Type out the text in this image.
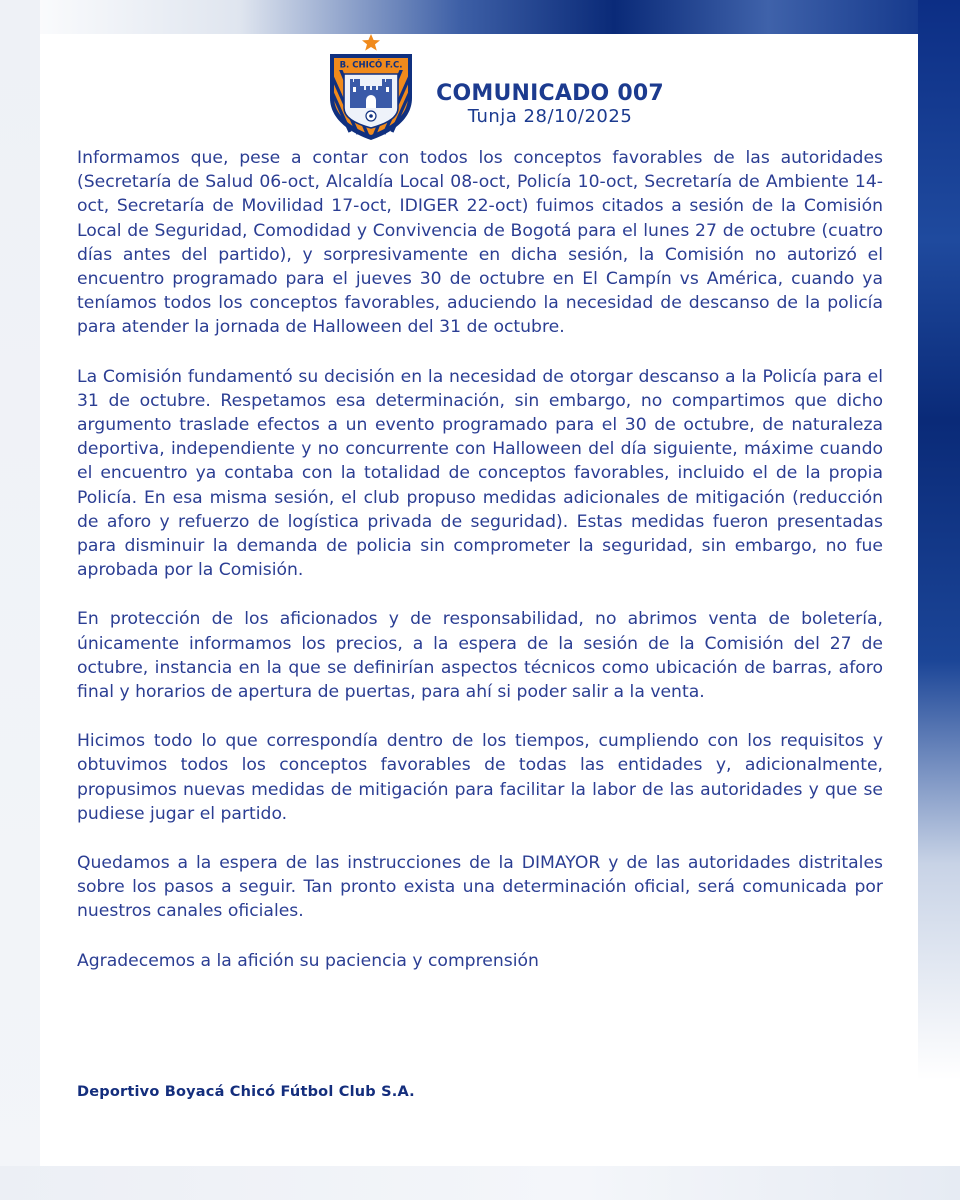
B. CHICÓ F.C.
COMUNICADO 007
Tunja 28/10/2025

Informamos que, pese a contar con todos los conceptos favorables de las autoridades (Secretaría de Salud 06-oct, Alcaldía Local 08-oct, Policía 10-oct, Secretaría de Ambiente 14-oct, Secretaría de Movilidad 17-oct, IDIGER 22-oct) fuimos citados a sesión de la Comisión Local de Seguridad, Comodidad y Convivencia de Bogotá para el lunes 27 de octubre (cuatro días antes del partido), y sorpresivamente en dicha sesión, la Comisión no autorizó el encuentro programado para el jueves 30 de octubre en El Campín vs América, cuando ya teníamos todos los conceptos favorables, aduciendo la necesidad de descanso de la policía para atender la jornada de Halloween del 31 de octubre.

La Comisión fundamentó su decisión en la necesidad de otorgar descanso a la Policía para el 31 de octubre. Respetamos esa determinación, sin embargo, no compartimos que dicho argumento traslade efectos a un evento programado para el 30 de octubre, de naturaleza deportiva, independiente y no concurrente con Halloween del día siguiente, máxime cuando el encuentro ya contaba con la totalidad de conceptos favorables, incluido el de la propia Policía. En esa misma sesión, el club propuso medidas adicionales de mitigación (reducción de aforo y refuerzo de logística privada de seguridad). Estas medidas fueron presentadas para disminuir la demanda de policia sin comprometer la seguridad, sin embargo, no fue aprobada por la Comisión.

En protección de los aficionados y de responsabilidad, no abrimos venta de boletería, únicamente informamos los precios, a la espera de la sesión de la Comisión del 27 de octubre, instancia en la que se definirían aspectos técnicos como ubicación de barras, aforo final y horarios de apertura de puertas, para ahí si poder salir a la venta.

Hicimos todo lo que correspondía dentro de los tiempos, cumpliendo con los requisitos y obtuvimos todos los conceptos favorables de todas las entidades y, adicionalmente, propusimos nuevas medidas de mitigación para facilitar la labor de las autoridades y que se pudiese jugar el partido.

Quedamos a la espera de las instrucciones de la DIMAYOR y de las autoridades distritales sobre los pasos a seguir. Tan pronto exista una determinación oficial, será comunicada por nuestros canales oficiales.

Agradecemos a la afición su paciencia y comprensión

Deportivo Boyacá Chicó Fútbol Club S.A.
